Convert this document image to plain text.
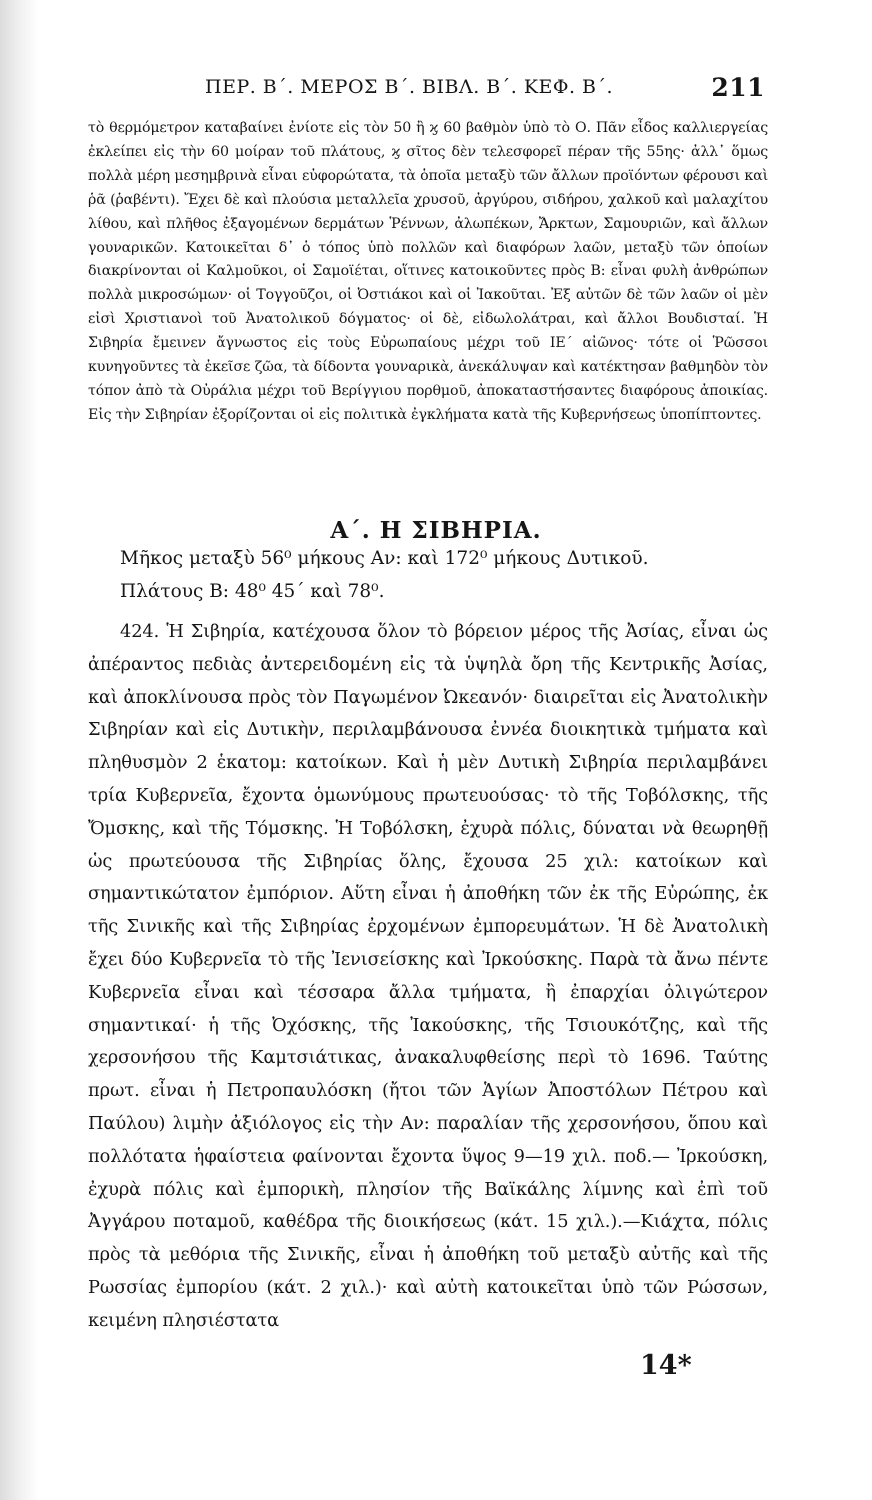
ΠΕΡ. Β΄. ΜΕΡΟΣ Β΄. ΒΙΒΛ. Β΄. ΚΕΦ. Β΄.	211

τὸ θερμόμετρον καταβαίνει ἐνίοτε εἰς τὸν 50 ἢ ϗ 60 βαθμὸν ὑπὸ τὸ Ο. Πᾶν εἶδος καλλιεργείας ἐκλείπει εἰς τὴν 60 μοίραν τοῦ πλάτους, ϗ σῖτος δὲν τελεσφορεῖ πέραν τῆς 55ης· ἀλλ᾽ ὅμως πολλὰ μέρη μεσημβρινὰ εἶναι εὐφορώτατα, τὰ ὁποῖα μεταξὺ τῶν ἄλλων προϊόντων φέρουσι καὶ ῥᾶ (ῥαβέντι). Ἔχει δὲ καὶ πλούσια μεταλλεῖα χρυσοῦ, ἀργύρου, σιδήρου, χαλκοῦ καὶ μαλαχίτου λίθου, καὶ πλῆθος ἐξαγομένων δερμάτων Ῥέννων, ἀλωπέκων, Ἄρκτων, Σαμουριῶν, καὶ ἄλλων γουναρικῶν. Κατοικεῖται δ᾽ ὁ τόπος ὑπὸ πολλῶν καὶ διαφόρων λαῶν, μεταξὺ τῶν ὁποίων διακρίνονται οἱ Καλμοῦκοι, οἱ Σαμοϊέται, οἵτινες κατοικοῦντες πρὸς Β: εἶναι φυλὴ ἀνθρώπων πολλὰ μικροσώμων· οἱ Τογγοῦζοι, οἱ Ὀστιάκοι καὶ οἱ Ἰακοῦται. Ἐξ αὐτῶν δὲ τῶν λαῶν οἱ μὲν εἰσὶ Χριστιανοὶ τοῦ Ἀνατολικοῦ δόγματος· οἱ δὲ, εἰδωλολάτραι, καὶ ἄλλοι Βουδισταί. Ἡ Σιβηρία ἔμεινεν ἄγνωστος εἰς τοὺς Εὐρωπαίους μέχρι τοῦ ΙΕ΄ αἰῶνος· τότε οἱ Ῥῶσσοι κυνηγοῦντες τὰ ἐκεῖσε ζῶα, τὰ δίδοντα γουναρικὰ, ἀνεκάλυψαν καὶ κατέκτησαν βαθμηδὸν τὸν τόπον ἀπὸ τὰ Οὐράλια μέχρι τοῦ Βερίγγιου πορθμοῦ, ἀποκαταστήσαντες διαφόρους ἀποικίας. Εἰς τὴν Σιβηρίαν ἐξορίζονται οἱ εἰς πολιτικὰ ἐγκλήματα κατὰ τῆς Κυβερνήσεως ὑποπίπτοντες.

Α΄. Η ΣΙΒΗΡΙΑ.
Μῆκος μεταξὺ 56⁰ μήκους Αν: καὶ 172⁰ μήκους Δυτικοῦ.
Πλάτους Β: 48⁰ 45΄ καὶ 78⁰.

424. Ἡ Σιβηρία, κατέχουσα ὅλον τὸ βόρειον μέρος τῆς Ἀσίας, εἶναι ὡς ἀπέραντος πεδιὰς ἀντερειδομένη εἰς τὰ ὑψηλὰ ὄρη τῆς Κεντρικῆς Ἀσίας, καὶ ἀποκλίνουσα πρὸς τὸν Παγωμένον Ὠκεανόν· διαιρεῖται εἰς Ἀνατολικὴν Σιβηρίαν καὶ εἰς Δυτικὴν, περιλαμβάνουσα ἐννέα διοικητικὰ τμήματα καὶ πληθυσμὸν 2 ἑκατομ: κατοίκων. Καὶ ἡ μὲν Δυτικὴ Σιβηρία περιλαμβάνει τρία Κυβερνεῖα, ἔχοντα ὁμωνύμους πρωτευούσας· τὸ τῆς Τοβόλσκης, τῆς Ὄμσκης, καὶ τῆς Τόμσκης. Ἡ Τοβόλσκη, ἐχυρὰ πόλις, δύναται νὰ θεωρηθῇ ὡς πρωτεύουσα τῆς Σιβηρίας ὅλης, ἔχουσα 25 χιλ: κατοίκων καὶ σημαντικώτατον ἐμπόριον. Αὕτη εἶναι ἡ ἀποθήκη τῶν ἐκ τῆς Εὐρώπης, ἐκ τῆς Σινικῆς καὶ τῆς Σιβηρίας ἐρχομένων ἐμπορευμάτων. Ἡ δὲ Ἀνατολικὴ ἔχει δύο Κυβερνεῖα τὸ τῆς Ἰενισείσκης καὶ Ἰρκούσκης. Παρὰ τὰ ἄνω πέντε Κυβερνεῖα εἶναι καὶ τέσσαρα ἄλλα τμήματα, ἢ ἐπαρχίαι ὀλιγώτερον σημαντικαί· ἡ τῆς Ὀχόσκης, τῆς Ἰακούσκης, τῆς Τσιουκότζης, καὶ τῆς χερσονήσου τῆς Καμτσιάτικας, ἀνακαλυφθείσης περὶ τὸ 1696. Ταύτης πρωτ. εἶναι ἡ Πετροπαυλόσκη (ἤτοι τῶν Ἁγίων Ἀποστόλων Πέτρου καὶ Παύλου) λιμὴν ἀξιόλογος εἰς τὴν Αν: παραλίαν τῆς χερσονήσου, ὅπου καὶ πολλότατα ἡφαίστεια φαίνονται ἔχοντα ὕψος 9—19 χιλ. ποδ.— Ἰρκούσκη, ἐχυρὰ πόλις καὶ ἐμπορικὴ, πλησίον τῆς Βαϊκάλης λίμνης καὶ ἐπὶ τοῦ Ἀγγάρου ποταμοῦ, καθέδρα τῆς διοικήσεως (κάτ. 15 χιλ.).—Κιάχτα, πόλις πρὸς τὰ μεθόρια τῆς Σινικῆς, εἶναι ἡ ἀποθήκη τοῦ μεταξὺ αὐτῆς καὶ τῆς Ρωσσίας ἐμπορίου (κάτ. 2 χιλ.)· καὶ αὐτὴ κατοικεῖται ὑπὸ τῶν Ρώσσων, κειμένη πλησιέστατα

14*
